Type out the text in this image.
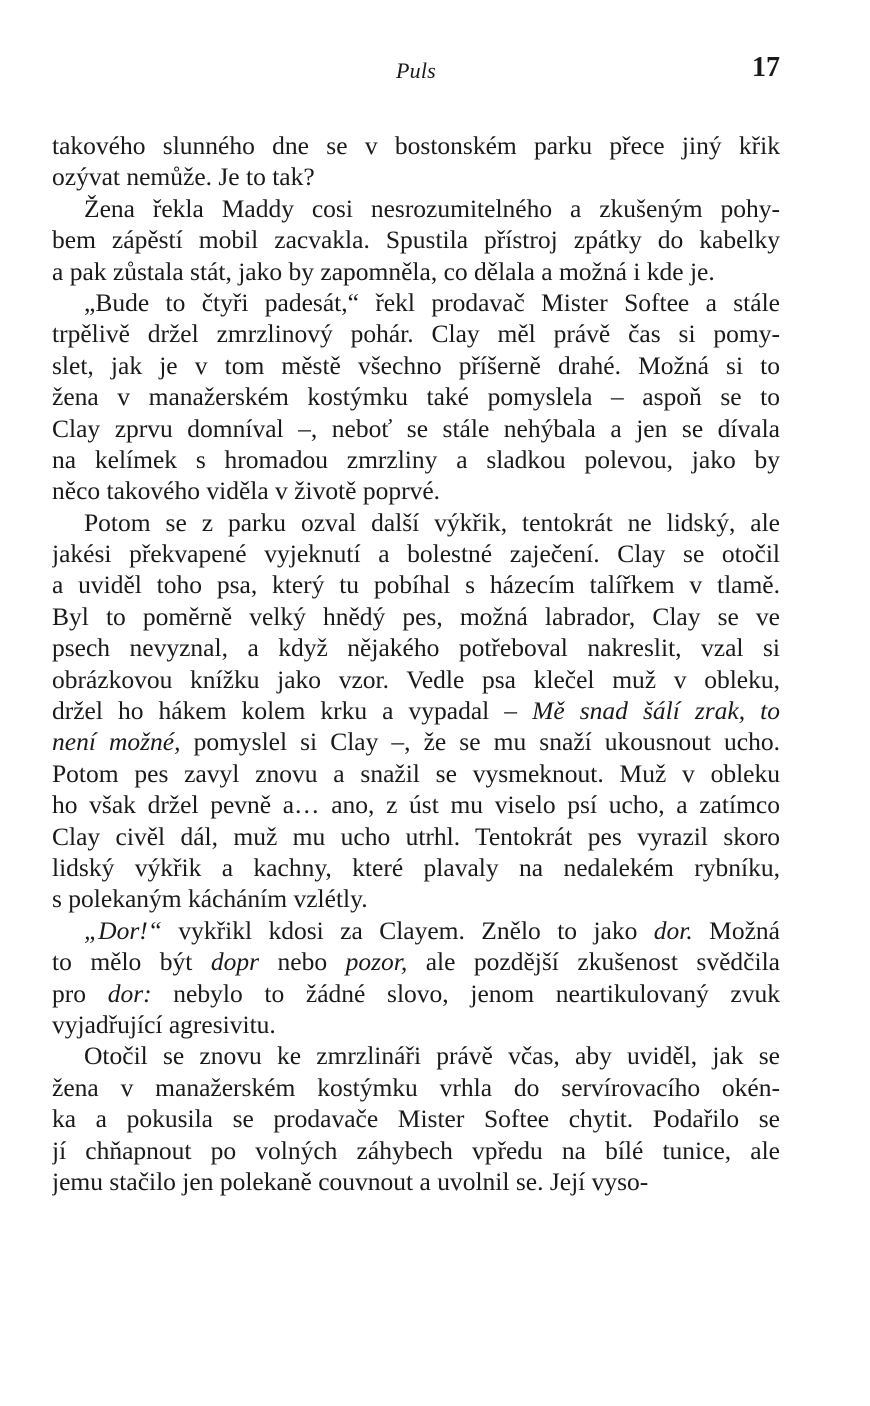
Puls	17
takového slunného dne se v bostonském parku přece jiný křik
ozývat nemůže. Je to tak?
Žena řekla Maddy cosi nesrozumitelného a zkušeným pohy-
bem zápěstí mobil zacvakla. Spustila přístroj zpátky do kabelky
a pak zůstala stát, jako by zapomněla, co dělala a možná i kde je.
„Bude to čtyři padesát,“ řekl prodavač Mister Softee a stále
trpělivě držel zmrzlinový pohár. Clay měl právě čas si pomy-
slet, jak je v tom městě všechno příšerně drahé. Možná si to
žena v manažerském kostýmku také pomyslela – aspoň se to
Clay zprvu domníval –, neboť se stále nehýbala a jen se dívala
na kelímek s hromadou zmrzliny a sladkou polevou, jako by
něco takového viděla v životě poprvé.
Potom se z parku ozval další výkřik, tentokrát ne lidský, ale
jakési překvapené vyjeknutí a bolestné zaječení. Clay se otočil
a uviděl toho psa, který tu pobíhal s házecím talířkem v tlamě.
Byl to poměrně velký hnědý pes, možná labrador, Clay se ve
psech nevyznal, a když nějakého potřeboval nakreslit, vzal si
obrázkovou knížku jako vzor. Vedle psa klečel muž v obleku,
držel ho hákem kolem krku a vypadal – Mě snad šálí zrak, to
není možné, pomyslel si Clay –, že se mu snaží ukousnout ucho.
Potom pes zavyl znovu a snažil se vysmeknout. Muž v obleku
ho však držel pevně a… ano, z úst mu viselo psí ucho, a zatímco
Clay civěl dál, muž mu ucho utrhl. Tentokrát pes vyrazil skoro
lidský výkřik a kachny, které plavaly na nedalekém rybníku,
s polekaným kácháním vzlétly.
„Dor!“ vykřikl kdosi za Clayem. Znělo to jako dor. Možná
to mělo být dopr nebo pozor, ale pozdější zkušenost svědčila
pro dor: nebylo to žádné slovo, jenom neartikulovaný zvuk
vyjadřující agresivitu.
Otočil se znovu ke zmrzlináři právě včas, aby uviděl, jak se
žena v manažerském kostýmku vrhla do servírovacího okén-
ka a pokusila se prodavače Mister Softee chytit. Podařilo se
jí chňapnout po volných záhybech vpředu na bílé tunice, ale
jemu stačilo jen polekaně couvnout a uvolnil se. Její vyso-
